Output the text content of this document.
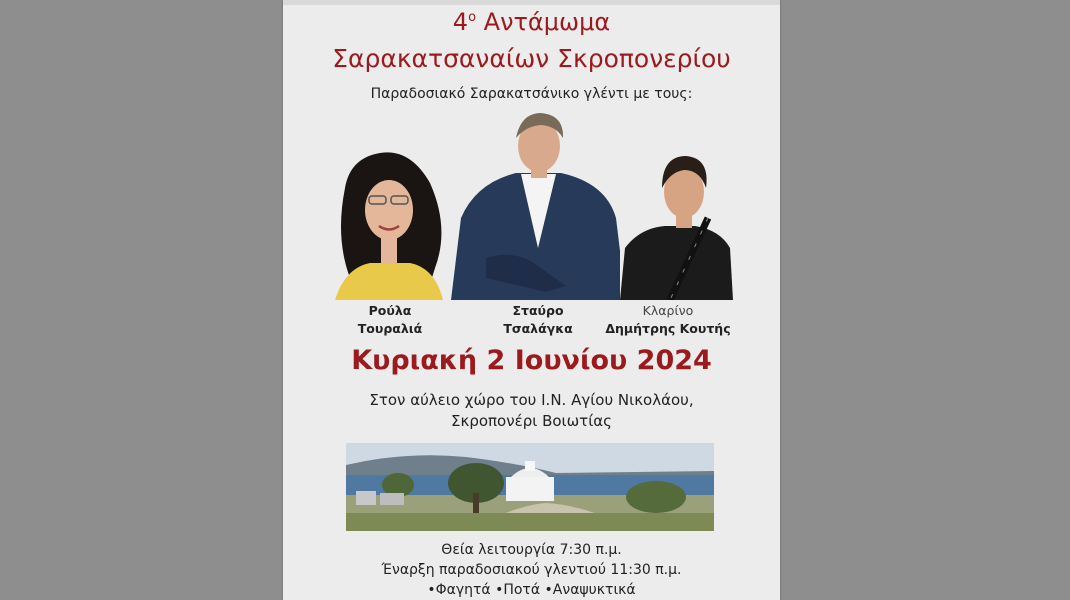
$4^o$ Αντάμωμα
Σαρακατσαναίων Σκροπονερίου
Παραδοσιακό Σαρακατσάνικο γλέντι με τους:
Ρούλα
Τουραλιά
Σταύρο
Τσαλάγκα
Κλαρίνο
Δημήτρης Κουτής
Κυριακή 2 Ιουνίου 2024
Στον αύλειο χώρο του Ι.Ν. Αγίου Νικολάου,
Σκροπονέρι Βοιωτίας
Θεία λειτουργία 7:30 π.μ.
Έναρξη παραδοσιακού γλεντιού 11:30 π.μ.
•Φαγητά •Ποτά •Αναψυκτικά
